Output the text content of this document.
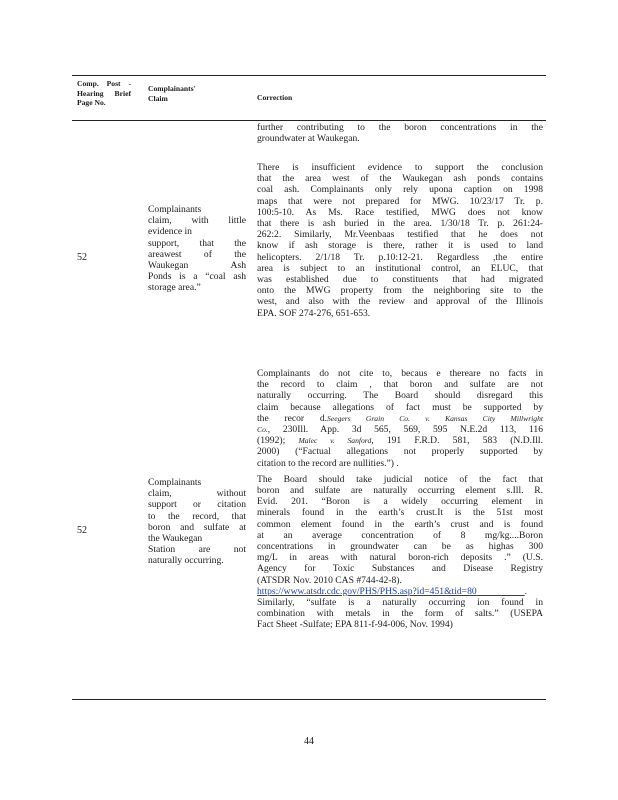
Comp. Post -
Hearing Brief
Page No.
Complainants'
Claim	Correction
further contributing to the boron concentrations in the
groundwater at Waukegan.
52
Complainants
claim, with little
evidence in
support, that the
areawest of the
Waukegan Ash
Ponds is a “coal ash
storage area.”
There is insufficient evidence to support the conclusion
that the area west of the Waukegan ash ponds contains
coal ash. Complainants only rely upona caption on 1998
maps that were not prepared for MWG. 10/23/17 Tr. p.
100:5-10. As Ms. Race testified, MWG does not know
that there is ash buried in the area. 1/30/18 Tr. p. 261:24-
262:2. Similarly, Mr.Veenbaas testified that he does not
know if ash storage is there, rather it is used to land
helicopters. 2/1/18 Tr. p.10:12-21. Regardless ,the entire
area is subject to an institutional control, an ELUC, that
was established due to constituents that had migrated
onto the MWG property from the neighboring site to the
west, and also with the review and approval of the Illinois
EPA. SOF 274-276, 651-653.
52
Complainants
claim, without
support or citation
to the record, that
boron and sulfate at
the Waukegan
Station are not
naturally occurring.
Complainants do not cite to, becaus e thereare no facts in
the record to claim , that boron and sulfate are not
naturally occurring. The Board should disregard this
claim because allegations of fact must be supported by
the recor d.Seegers Grain Co. v. Kansas City Millwright
Co., 230Ill. App. 3d 565, 569, 595 N.E.2d 113, 116
(1992); Malec v. Sanford, 191 F.R.D. 581, 583 (N.D.Ill.
2000) (“Factual allegations not properly supported by
citation to the record are nullities.”) .
The Board should take judicial notice of the fact that
boron and sulfate are naturally occurring element s.Ill. R.
Evid. 201. “Boron is a widely occurring element in
minerals found in the earth’s crust.It is the 51st most
common element found in the earth’s crust and is found
at an average concentration of 8 mg/kg....Boron
concentrations in groundwater can be as highas 300
mg/L in areas with natural boron-rich deposits .” (U.S.
Agency for Toxic Substances and Disease Registry
(ATSDR Nov. 2010 CAS #744-42-8).
https://www.atsdr.cdc.gov/PHS/PHS.asp?id=451&tid=80     	.
Similarly, “sulfate is a naturally occurring ion found in
combination with metals in the form of salts.” (USEPA
Fact Sheet -Sulfate; EPA 811-f-94-006, Nov. 1994)
44
